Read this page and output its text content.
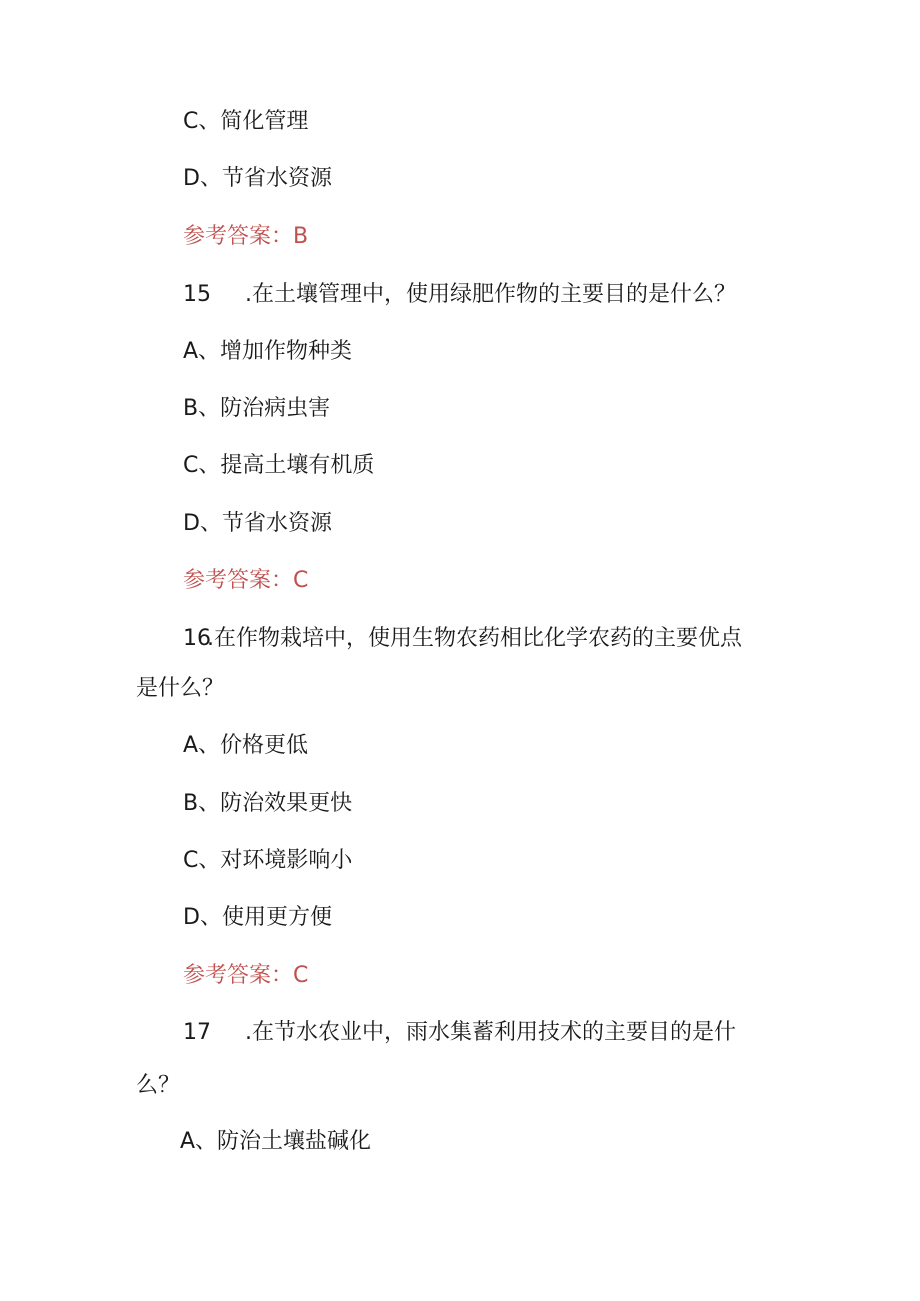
C、简化管理
D、节省水资源
参考答案：B
15 .在土壤管理中，使用绿肥作物的主要目的是什么？
A、增加作物种类
B、防治病虫害
C、提高土壤有机质
D、节省水资源
参考答案：C
16.在作物栽培中，使用生物农药相比化学农药的主要优点
是什么？
A、价格更低
B、防治效果更快
C、对环境影响小
D、使用更方便
参考答案：C
17 .在节水农业中，雨水集蓄利用技术的主要目的是什
么？
A、防治土壤盐碱化
